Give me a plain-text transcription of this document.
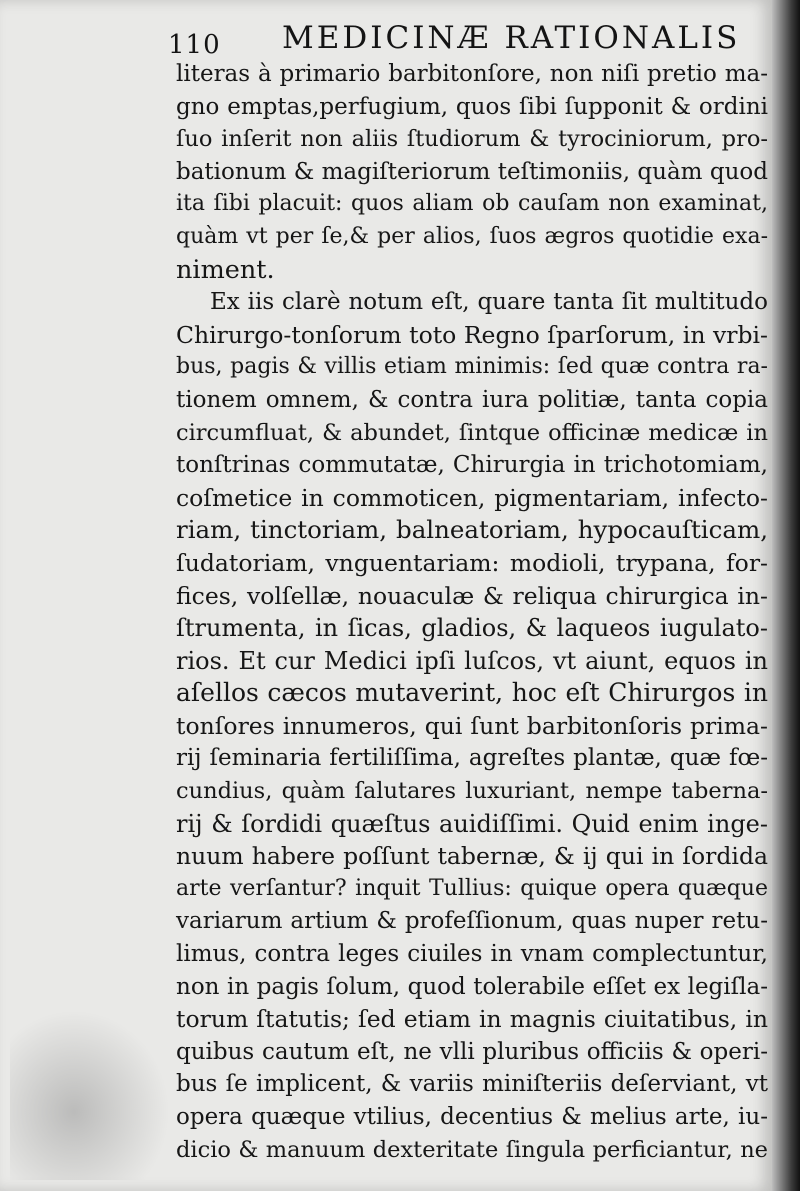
110 MEDICINÆ RATIONALIS
literas à primario barbitonſore, non niſi pretio ma-
gno emptas,perfugium, quos ſibi ſupponit & ordini
ſuo inſerit non aliis ſtudiorum & tyrociniorum, pro-
bationum & magiſteriorum teſtimoniis, quàm quod
ita ſibi placuit: quos aliam ob cauſam non examinat,
quàm vt per ſe,& per alios, ſuos ægros quotidie exa-
niment.
Ex iis clarè notum eſt, quare tanta ſit multitudo
Chirurgo-tonſorum toto Regno ſparſorum, in vrbi-
bus, pagis & villis etiam minimis: ſed quæ contra ra-
tionem omnem, & contra iura politiæ, tanta copia
circumfluat, & abundet, ſintque officinæ medicæ in
tonſtrinas commutatæ, Chirurgia in trichotomiam,
coſmetice in commoticen, pigmentariam, infecto-
riam, tinctoriam, balneatoriam, hypocauſticam,
ſudatoriam, vnguentariam: modioli, trypana, for-
fices, volſellæ, nouaculæ & reliqua chirurgica in-
ſtrumenta, in ſicas, gladios, & laqueos iugulato-
rios. Et cur Medici ipſi luſcos, vt aiunt, equos in
aſellos cæcos mutaverint, hoc eſt Chirurgos in
tonſores innumeros, qui ſunt barbitonſoris prima-
rij ſeminaria fertiliſſima, agreſtes plantæ, quæ fœ-
cundius, quàm ſalutares luxuriant, nempe taberna-
rij & ſordidi quæſtus auidiſſimi. Quid enim inge-
nuum habere poſſunt tabernæ, & ij qui in ſordida
arte verſantur? inquit Tullius: quique opera quæque
variarum artium & profeſſionum, quas nuper retu-
limus, contra leges ciuiles in vnam complectuntur,
non in pagis ſolum, quod tolerabile eſſet ex legiſla-
torum ſtatutis; ſed etiam in magnis ciuitatibus, in
quibus cautum eſt, ne vlli pluribus officiis & operi-
bus ſe implicent, & variis miniſteriis deſerviant, vt
opera quæque vtilius, decentius & melius arte, iu-
dicio & manuum dexteritate ſingula perficiantur, ne
